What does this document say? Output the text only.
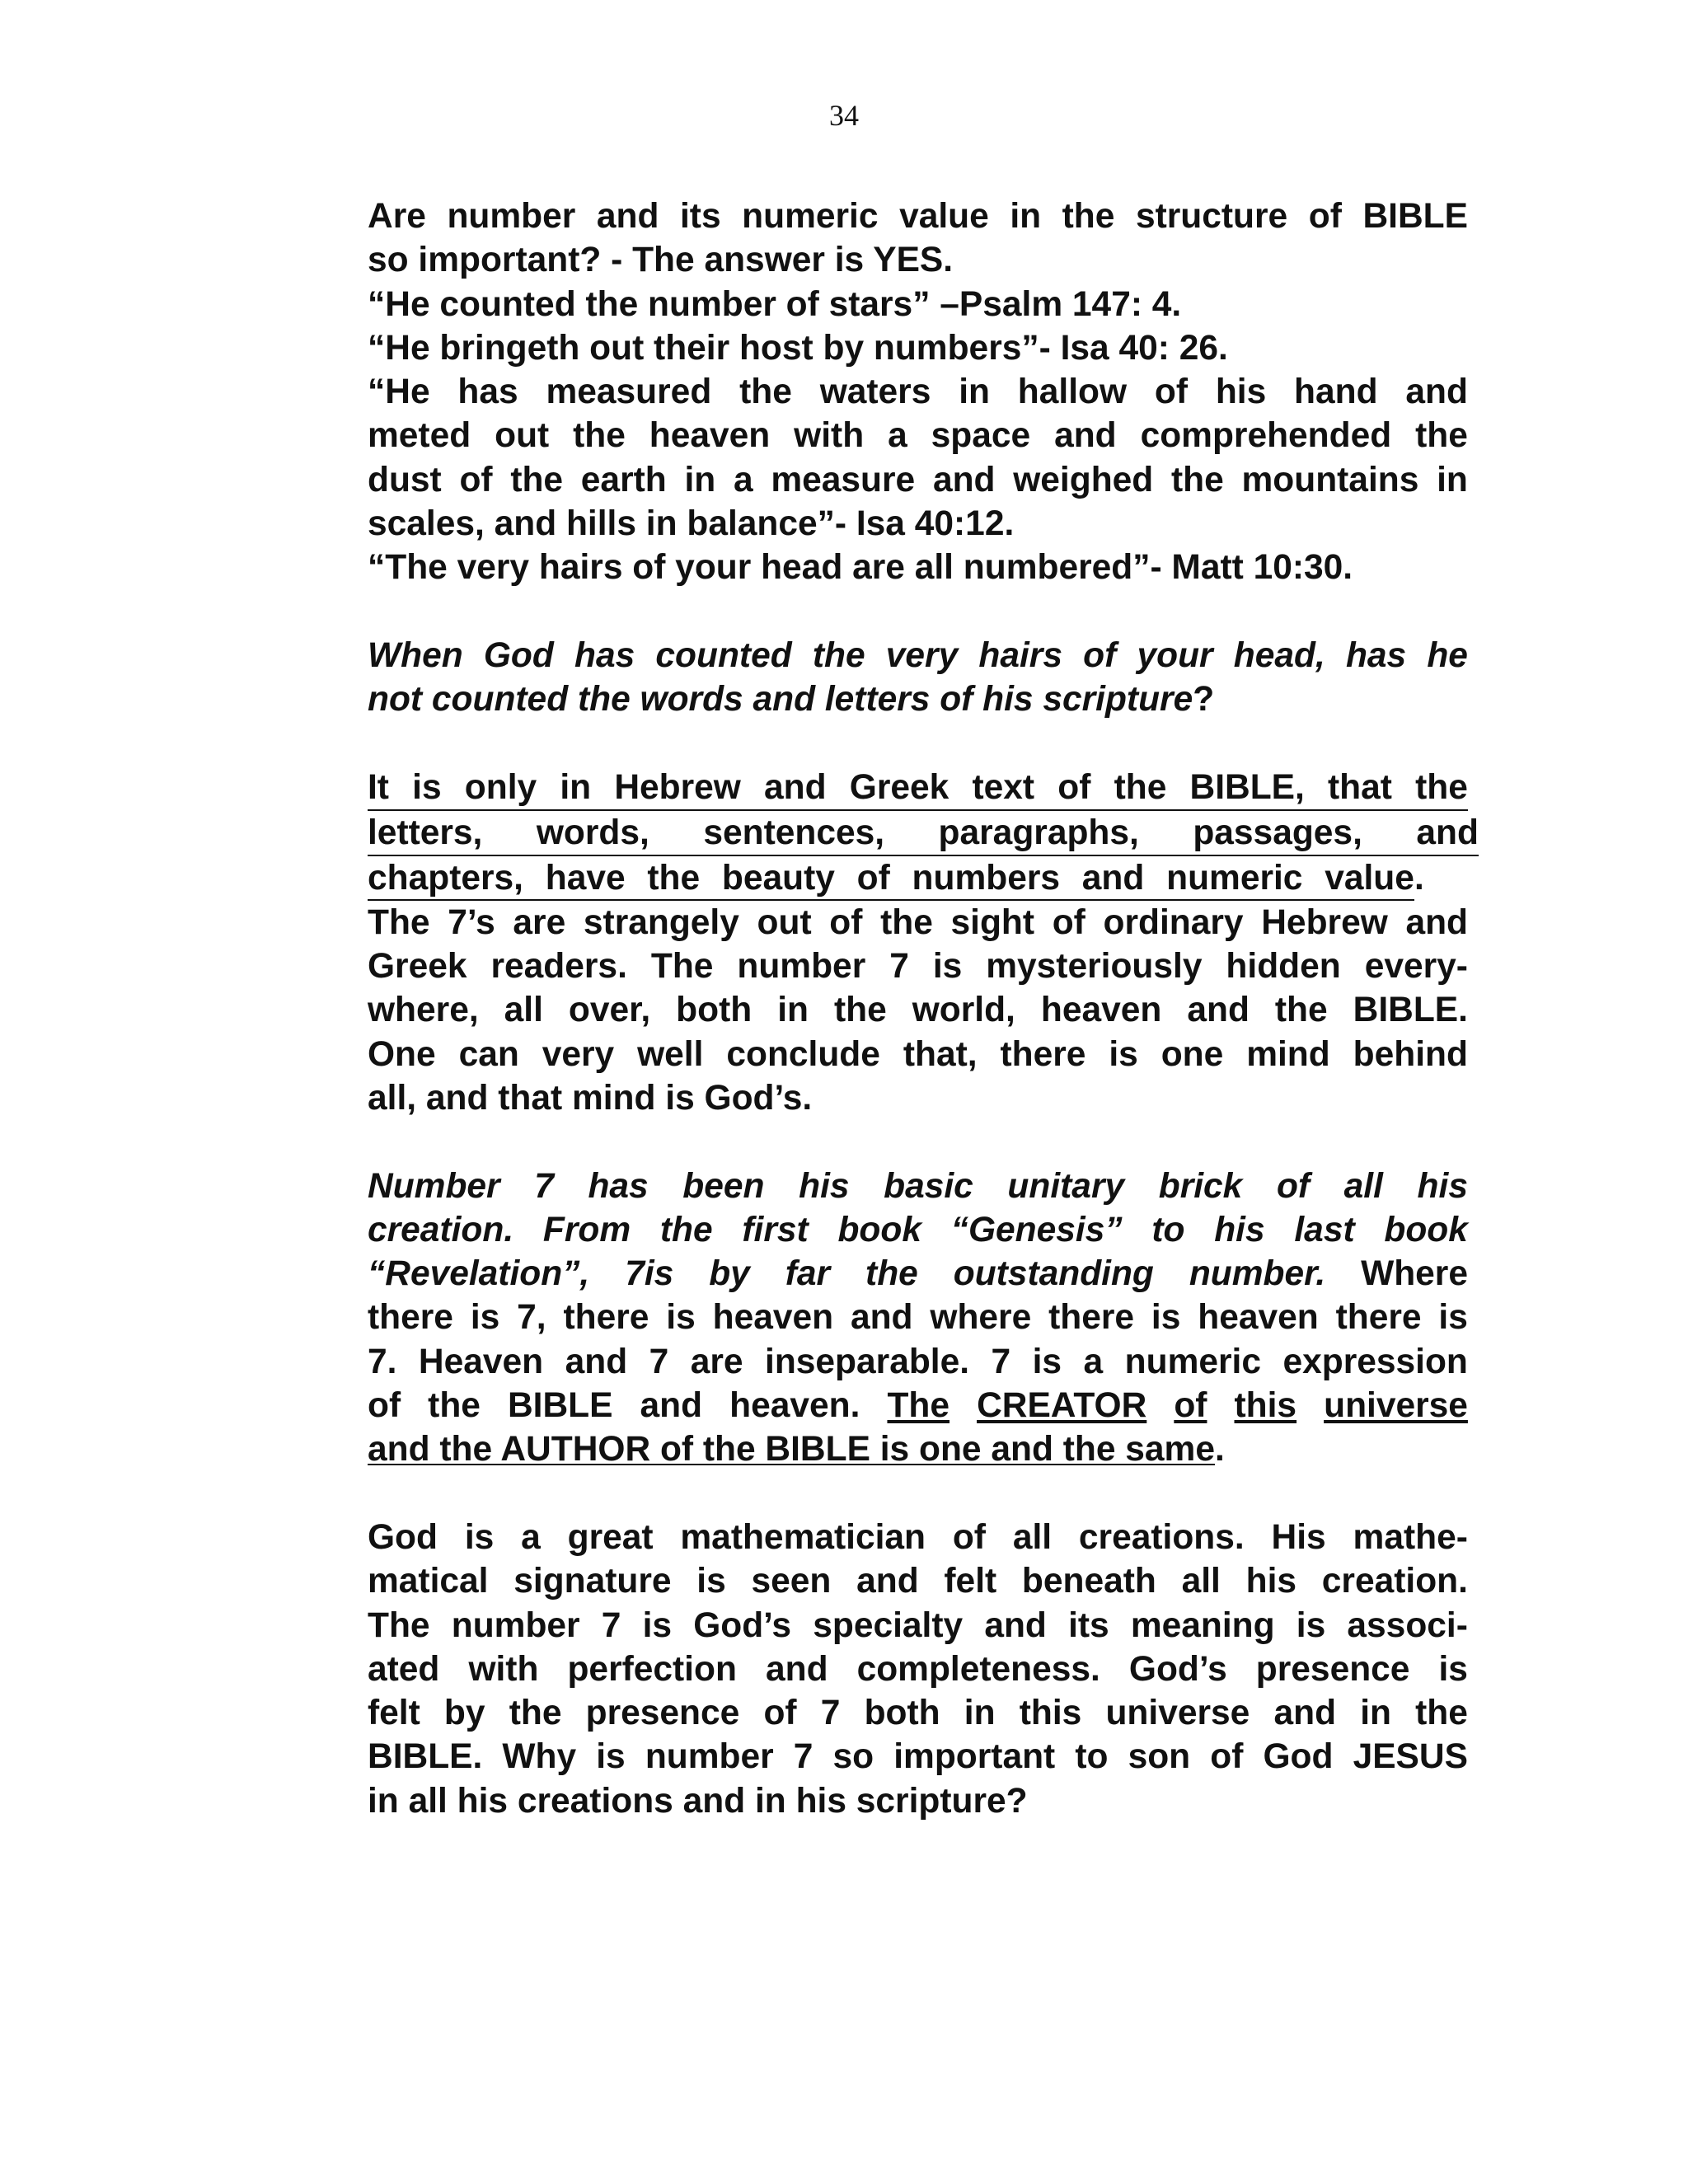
34
Are number and its numeric value in the structure of BIBLE
so important? - The answer is YES.
“He counted the number of stars” –Psalm 147: 4.
“He bringeth out their host by numbers”- Isa 40: 26.
“He has measured the waters in hallow of his hand and
meted out the heaven with a space and comprehended the
dust of the earth in a measure and weighed the mountains in
scales, and hills in balance”- Isa 40:12.
“The very hairs of your head are all numbered”- Matt 10:30.
When God has counted the very hairs of your head, has he
not counted the words and letters of his scripture?
It is only in Hebrew and Greek text of the BIBLE, that the
letters, words, sentences, paragraphs, passages, and
chapters, have the beauty of numbers and numeric value .
The 7’s are strangely out of the sight of ordinary Hebrew and
Greek readers. The number 7 is mysteriously hidden every-
where, all over, both in the world, heaven and the BIBLE.
One can very well conclude that, there is one mind behind
all, and that mind is God’s.
Number 7 has been his basic unitary brick of all his
creation. From the first book “Genesis” to his last book
“Revelation”, 7is by far the outstanding number. Where
there is 7, there is heaven and where there is heaven there is
7. Heaven and 7 are inseparable. 7 is a numeric expression
of the BIBLE and heaven. The CREATOR of this universe
and the AUTHOR of the BIBLE is one and the same.
God is a great mathematician of all creations. His mathe-
matical signature is seen and felt beneath all his creation.
The number 7 is God’s specialty and its meaning is associ-
ated with perfection and completeness. God’s presence is
felt by the presence of 7 both in this universe and in the
BIBLE. Why is number 7 so important to son of God JESUS
in all his creations and in his scripture?
